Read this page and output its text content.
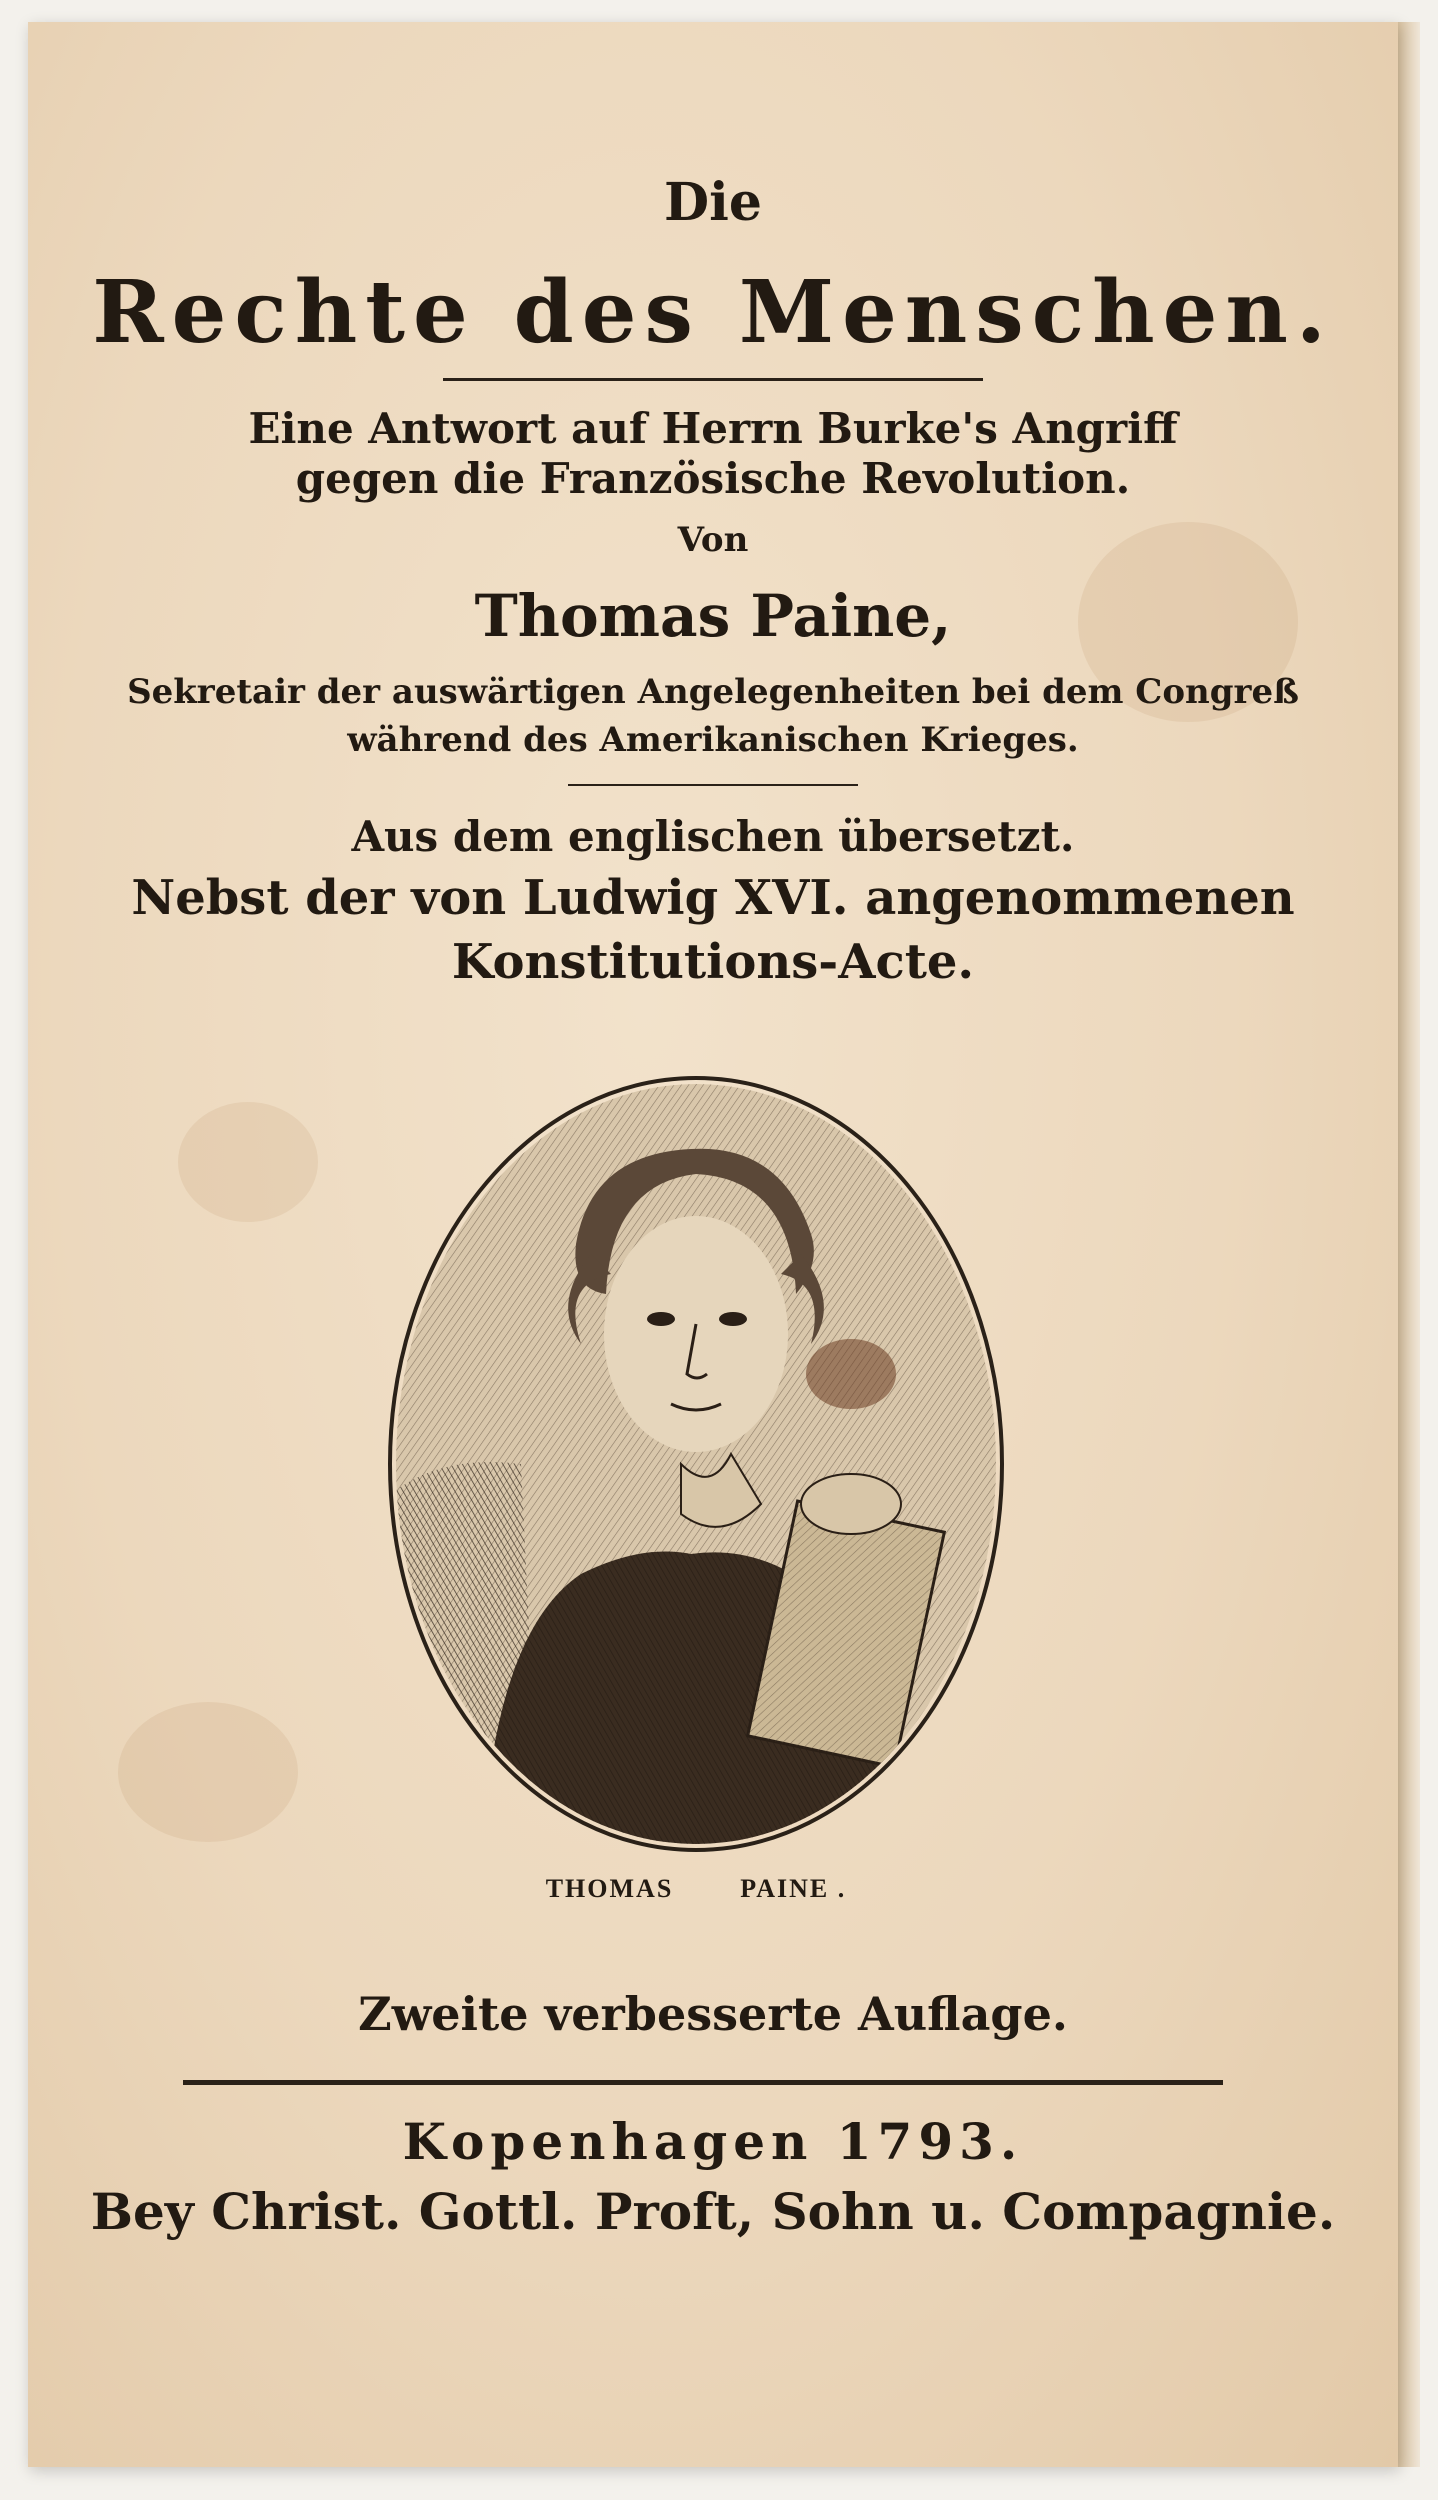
Die
Rechte des Menschen.
Eine Antwort auf Herrn Burke's Angriff
gegen die Französische Revolution.
Von
Thomas Paine,
Sekretair der auswärtigen Angelegenheiten bei dem Congreß
während des Amerikanischen Krieges.
Aus dem englischen übersetzt.
Nebst der von Ludwig XVI. angenommenen
Konstitutions-Acte.
THOMAS	PAINE .
Zweite verbesserte Auflage.
Kopenhagen 1793.
Bey Christ. Gottl. Proft, Sohn u. Compagnie.
